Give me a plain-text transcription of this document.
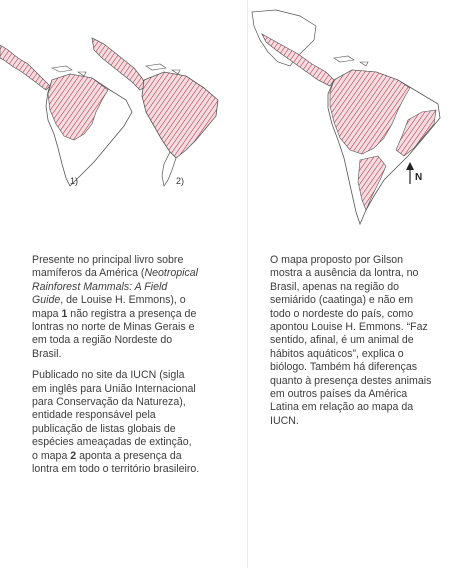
1)	2)	N

Presente no principal livro sobre mamíferos da América (Neotropical Rainforest Mammals: A Field Guide, de Louise H. Emmons), o mapa 1 não registra a presença de lontras no norte de Minas Gerais e em toda a região Nordeste do Brasil.

Publicado no site da IUCN (sigla em inglês para União Internacional para Conservação da Natureza), entidade responsável pela publicação de listas globais de espécies ameaçadas de extinção, o mapa 2 aponta a presença da lontra em todo o território brasileiro.

O mapa proposto por Gilson mostra a ausência da lontra, no Brasil, apenas na região do semiárido (caatinga) e não em todo o nordeste do país, como apontou Louise H. Emmons. “Faz sentido, afinal, é um animal de hábitos aquáticos”, explica o biólogo. Também há diferenças quanto à presença destes animais em outros países da América Latina em relação ao mapa da IUCN.
